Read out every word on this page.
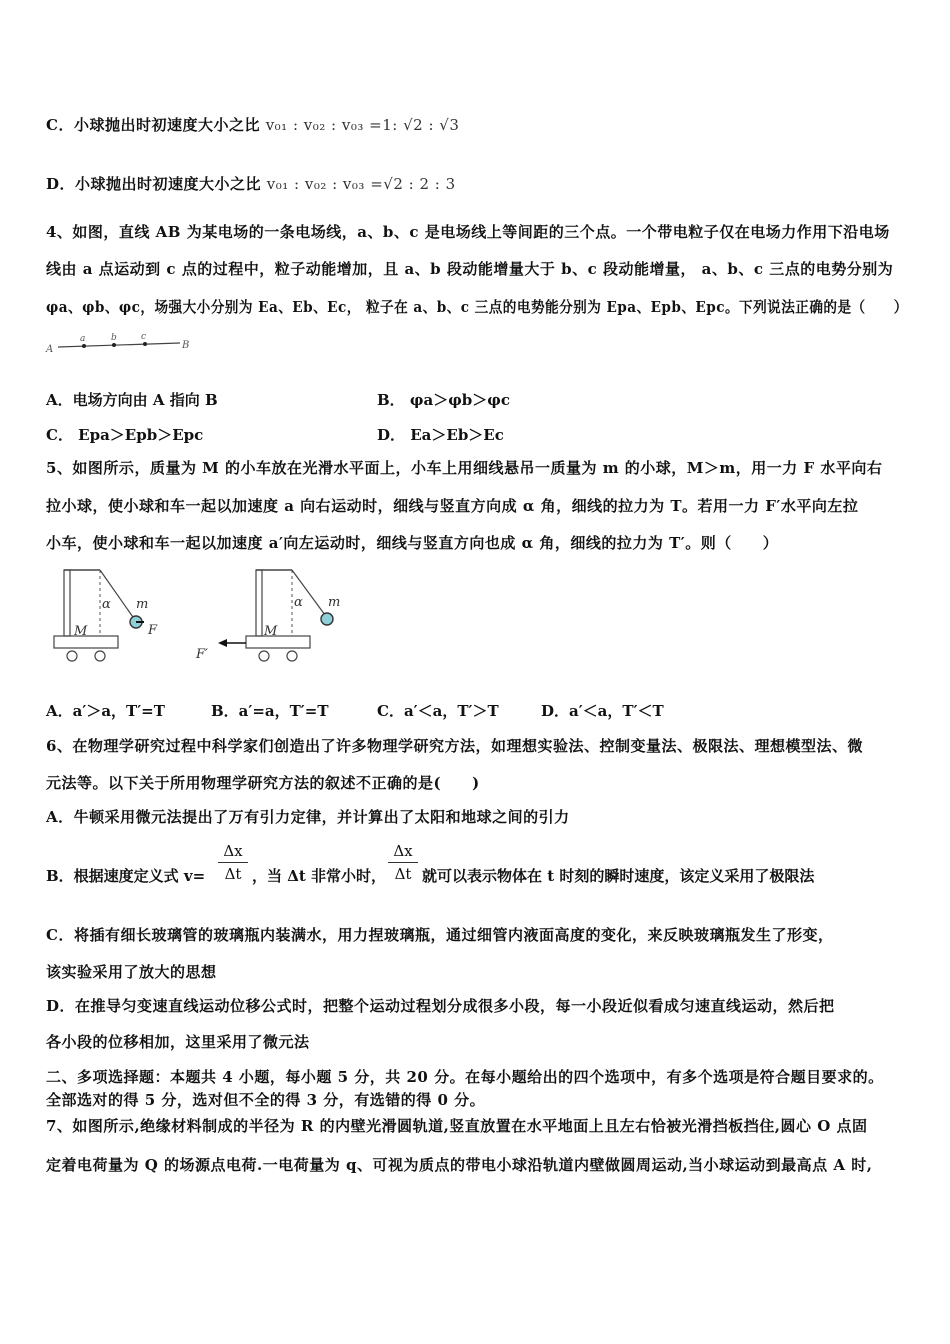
C．小球抛出时初速度大小之比 v₀₁ : v₀₂ : v₀₃ =1: √2 : √3
D．小球抛出时初速度大小之比 v₀₁ : v₀₂ : v₀₃ =√2 : 2 : 3
4、如图，直线 AB 为某电场的一条电场线，a、b、c 是电场线上等间距的三个点。一个带电粒子仅在电场力作用下沿电场
线由 a 点运动到 c 点的过程中，粒子动能增加，且 a、b 段动能增量大于 b、c 段动能增量， a、b、c 三点的电势分别为
φa、φb、φc，场强大小分别为 Ea、Eb、Ec， 粒子在 a、b、c 三点的电势能分别为 Epa、Epb、Epc。下列说法正确的是（　　）
A
a	b	c
B
A．电场方向由 A 指向 B	B． φa＞φb＞φc
C． Epa＞Epb＞Epc	D． Ea＞Eb＞Ec
5、如图所示，质量为 M 的小车放在光滑水平面上，小车上用细线悬吊一质量为 m 的小球，M＞m，用一力 F 水平向右
拉小球，使小球和车一起以加速度 a 向右运动时，细线与竖直方向成 α 角，细线的拉力为 T。若用一力 F′水平向左拉
小车，使小球和车一起以加速度 a′向左运动时，细线与竖直方向也成 α 角，细线的拉力为 T′。则（　　）
α m
M	F
α m
M
F′
A．a′＞a，T′=T	B．a′=a，T′=T	C．a′＜a，T′＞T	D．a′＜a，T′＜T
6、在物理学研究过程中科学家们创造出了许多物理学研究方法，如理想实验法、控制变量法、极限法、理想模型法、微
元法等。以下关于所用物理学研究方法的叙述不正确的是(　　)
A．牛顿采用微元法提出了万有引力定律，并计算出了太阳和地球之间的引力
B．根据速度定义式 $v= \frac{\Delta x}{\Delta t}$ ，当 Δt 非常小时， $\frac{\Delta x}{\Delta t}$ 就可以表示物体在 t 时刻的瞬时速度，该定义采用了极限法
C．将插有细长玻璃管的玻璃瓶内装满水，用力捏玻璃瓶，通过细管内液面高度的变化，来反映玻璃瓶发生了形变，
该实验采用了放大的思想
D．在推导匀变速直线运动位移公式时，把整个运动过程划分成很多小段，每一小段近似看成匀速直线运动，然后把
各小段的位移相加，这里采用了微元法
二、多项选择题：本题共 4 小题，每小题 5 分，共 20 分。在每小题给出的四个选项中，有多个选项是符合题目要求的。
全部选对的得 5 分，选对但不全的得 3 分，有选错的得 0 分。
7、如图所示,绝缘材料制成的半径为 R 的内壁光滑圆轨道,竖直放置在水平地面上且左右恰被光滑挡板挡住,圆心 O 点固
定着电荷量为 Q 的场源点电荷.一电荷量为 q、可视为质点的带电小球沿轨道内壁做圆周运动,当小球运动到最高点 A 时,
